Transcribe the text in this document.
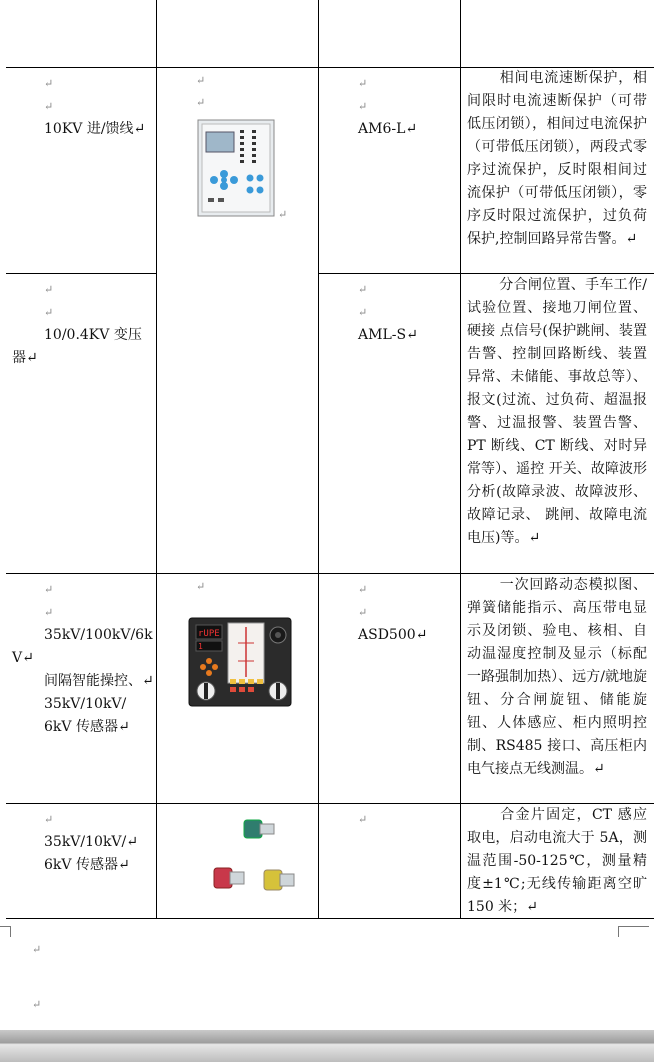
↵
↵
10KV 进/馈线↵
↵
↵
AM6-L↵

相间电流速断保护，相间限时电流速断保护（可带低压闭锁），相间过电流保护（可带低压闭锁），两段式零序过流保护，反时限相间过流保护（可带低压闭锁），零序反时限过流保护，过负荷保护,控制回路异常告警。↵

↵
↵
↵
↵
↵
10/0.4KV 变压
器↵
↵
↵
AML-S↵

分合闸位置、手车工作/试验位置、接地刀闸位置、硬接 点信号(保护跳闸、装置告警、控制回路断线、装置异常、未储能、事故总等）、报文(过流、过负荷、超温报警、过温报警、装置告警、PT 断线、CT 断线、对时异常等）、遥控 开关、故障波形分析(故障录波、故障波形、故障记录、 跳闸、故障电流电压)等。↵

↵
↵
35kV/100kV/6k
V↵
间隔智能操控、↵
35kV/10kV/
6kV 传感器↵
↵
↵
ASD500↵

一次回路动态模拟图、弹簧储能指示、高压带电显示及闭锁、验电、核相、自动温湿度控制及显示（标配一路强制加热）、远方/就地旋钮、分合闸旋钮、储能旋钮、人体感应、柜内照明控制、RS485 接口、高压柜内电气接点无线测温。↵

↵
rUPE
1
↵
35kV/10kV/↵
6kV 传感器↵
↵	合金片固定，CT 感应取电，启动电流大于 5A，测温范围-50-125℃，测量精度±1℃;无线传输距离空旷 150 米；↵

↵
↵
